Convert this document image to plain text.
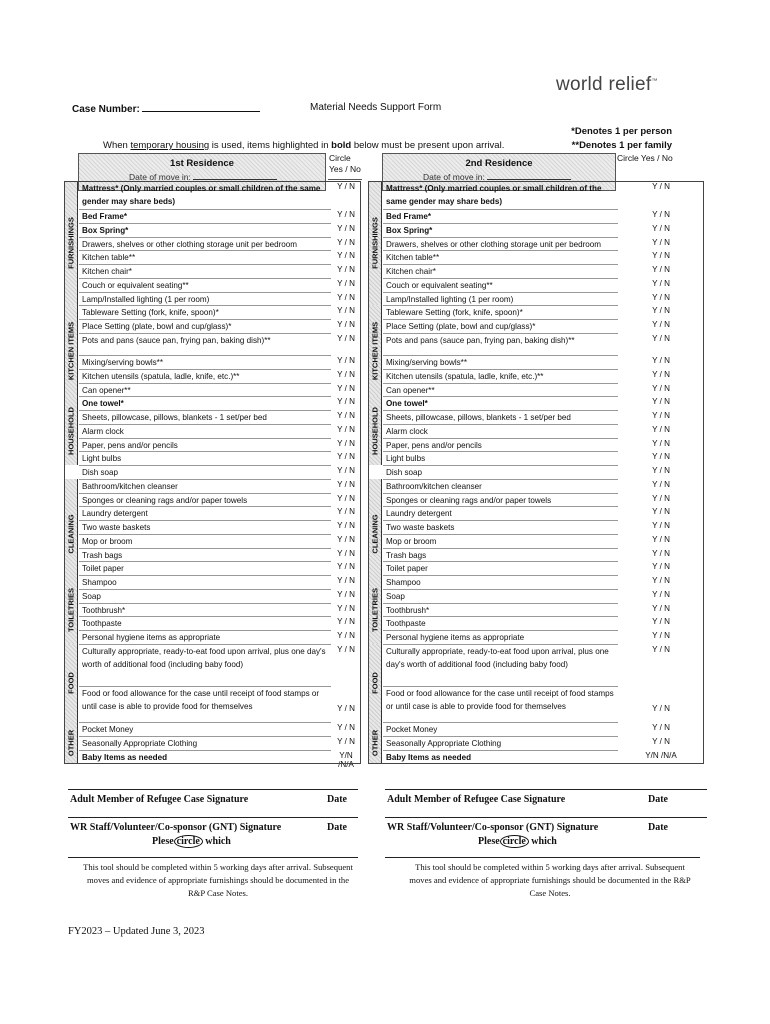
world relief™
Case Number:	Material Needs Support Form
*Denotes 1 per person
**Denotes 1 per family
When temporary housing is used, items highlighted in bold below must be present upon arrival.
1st Residence
Date of move in:
Circle Yes / No
FURNISHINGS
KITCHEN ITEMS
HOUSEHOLD
CLEANING
TOILETRIES
FOOD
OTHER
Mattress* (Only married couples or small children of the same gender may share beds)
Y / N
Bed Frame*	Y / N
Box Spring*	Y / N
Drawers, shelves or other clothing storage unit per bedroom	Y / N
Kitchen table**	Y / N
Kitchen chair*	Y / N
Couch or equivalent seating**	Y / N
Lamp/Installed lighting (1 per room)	Y / N
Tableware Setting (fork, knife, spoon)*	Y / N
Place Setting (plate, bowl and cup/glass)*	Y / N
Pots and pans (sauce pan, frying pan, baking dish)**	Y / N
Mixing/serving bowls**	Y / N
Kitchen utensils (spatula, ladle, knife, etc.)**	Y / N
Can opener**	Y / N
One towel*	Y / N
Sheets, pillowcase, pillows, blankets - 1 set/per bed	Y / N
Alarm clock	Y / N
Paper, pens and/or pencils	Y / N
Light bulbs	Y / N
Dish soap	Y / N
Bathroom/kitchen cleanser	Y / N
Sponges or cleaning rags and/or paper towels	Y / N
Laundry detergent	Y / N
Two waste baskets	Y / N
Mop or broom	Y / N
Trash bags	Y / N
Toilet paper	Y / N
Shampoo	Y / N
Soap	Y / N
Toothbrush*	Y / N
Toothpaste	Y / N
Personal hygiene items as appropriate	Y / N
Culturally appropriate, ready-to-eat food upon arrival, plus one day's worth of additional food (including baby food)
Y / N
Food or food allowance for the case until receipt of food stamps or until case is able to provide food for themselves	Y / N
Pocket Money	Y / N
Seasonally Appropriate Clothing	Y / N
Baby Items as needed	Y/N /N/A
2nd Residence
Date of move in:
Circle Yes / No
FURNISHINGS
KITCHEN ITEMS
HOUSEHOLD
CLEANING
TOILETRIES
FOOD
OTHER
Mattress* (Only married couples or small children of the same gender may share beds)
Y / N
Bed Frame*	Y / N
Box Spring*	Y / N
Drawers, shelves or other clothing storage unit per bedroom	Y / N
Kitchen table**	Y / N
Kitchen chair*	Y / N
Couch or equivalent seating**	Y / N
Lamp/Installed lighting (1 per room)	Y / N
Tableware Setting (fork, knife, spoon)*	Y / N
Place Setting (plate, bowl and cup/glass)*	Y / N
Pots and pans (sauce pan, frying pan, baking dish)**	Y / N
Mixing/serving bowls**	Y / N
Kitchen utensils (spatula, ladle, knife, etc.)**	Y / N
Can opener**	Y / N
One towel*	Y / N
Sheets, pillowcase, pillows, blankets - 1 set/per bed	Y / N
Alarm clock	Y / N
Paper, pens and/or pencils	Y / N
Light bulbs	Y / N
Dish soap	Y / N
Bathroom/kitchen cleanser	Y / N
Sponges or cleaning rags and/or paper towels	Y / N
Laundry detergent	Y / N
Two waste baskets	Y / N
Mop or broom	Y / N
Trash bags	Y / N
Toilet paper	Y / N
Shampoo	Y / N
Soap	Y / N
Toothbrush*	Y / N
Toothpaste	Y / N
Personal hygiene items as appropriate	Y / N
Culturally appropriate, ready-to-eat food upon arrival, plus one day's worth of additional food (including baby food)
Y / N
Food or food allowance for the case until receipt of food stamps or until case is able to provide food for themselves	Y / N
Pocket Money	Y / N
Seasonally Appropriate Clothing	Y / N
Baby Items as needed	Y/N /N/A
Adult Member of Refugee Case Signature	Date
WR Staff/Volunteer/Co-sponsor (GNT) Signature	Date
Plese circle which
This tool should be completed within 5 working days after arrival. Subsequent moves and evidence of appropriate furnishings should be documented in the R&P Case Notes.
Adult Member of Refugee Case Signature	Date
WR Staff/Volunteer/Co-sponsor (GNT) Signature	Date
Plese circle which
This tool should be completed within 5 working days after arrival. Subsequent moves and evidence of appropriate furnishings should be documented in the R&P Case Notes.
FY2023 – Updated June 3, 2023
